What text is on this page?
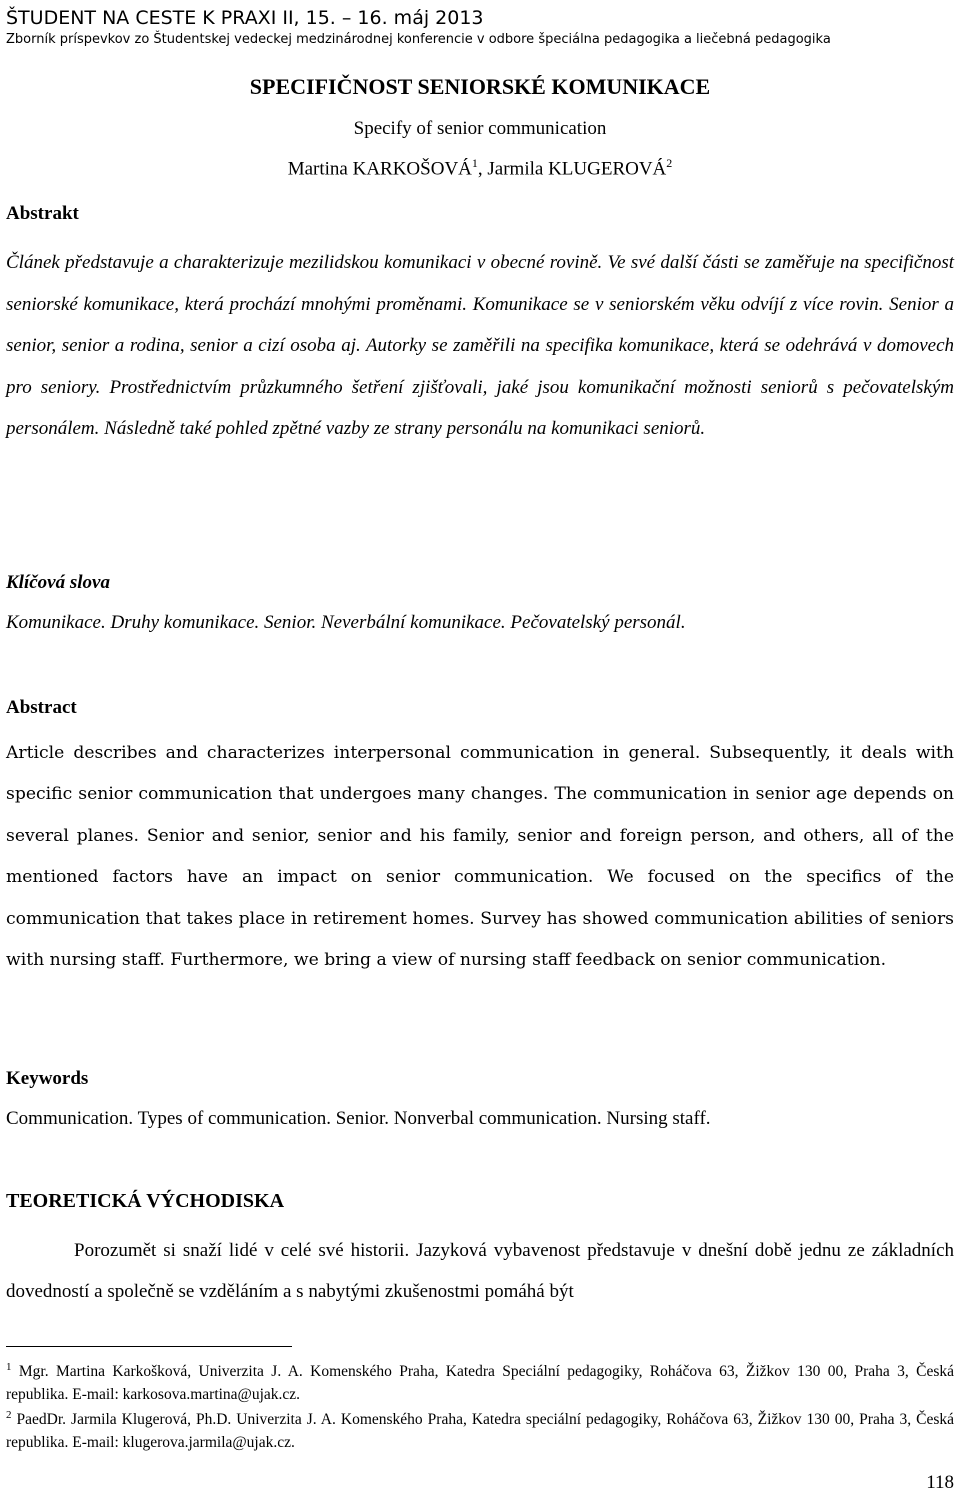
ŠTUDENT NA CESTE K PRAXI II, 15. – 16. máj 2013
Zborník príspevkov zo Študentskej vedeckej medzinárodnej konferencie v odbore špeciálna pedagogika a liečebná pedagogika
SPECIFIČNOST SENIORSKÉ KOMUNIKACE
Specify of senior communication
Martina KARKOŠOVÁ$^1$, Jarmila KLUGEROVÁ$^2$
Abstrakt
Článek představuje a charakterizuje mezilidskou komunikaci v obecné rovině. Ve své další části se zaměřuje na specifičnost seniorské komunikace, která prochází mnohými proměnami. Komunikace se v seniorském věku odvíjí z více rovin. Senior a senior, senior a rodina, senior a cizí osoba aj. Autorky se zaměřili na specifika komunikace, která se odehrává v domovech pro seniory. Prostřednictvím průzkumného šetření zjišťovali, jaké jsou komunikační možnosti seniorů s pečovatelským personálem. Následně také pohled zpětné vazby ze strany personálu na komunikaci seniorů.
Klíčová slova
Komunikace. Druhy komunikace. Senior. Neverbální komunikace. Pečovatelský personál.
Abstract
Article describes and characterizes interpersonal communication in general. Subsequently, it deals with specific senior communication that undergoes many changes. The communication in senior age depends on several planes. Senior and senior, senior and his family, senior and foreign person, and others, all of the mentioned factors have an impact on senior communication. We focused on the specifics of the communication that takes place in retirement homes. Survey has showed communication abilities of seniors with nursing staff. Furthermore, we bring a view of nursing staff feedback on senior communication.
Keywords
Communication. Types of communication. Senior. Nonverbal communication. Nursing staff.
TEORETICKÁ VÝCHODISKA
Porozumět si snaží lidé v celé své historii. Jazyková vybavenost představuje v dnešní době jednu ze základních dovedností a společně se vzděláním a s nabytými zkušenostmi pomáhá být
$^1$ Mgr. Martina Karkošková, Univerzita J. A. Komenského Praha, Katedra Speciální pedagogiky, Roháčova 63, Žižkov 130 00, Praha 3, Česká republika. E-mail: karkosova.martina@ujak.cz.
$^2$ PaedDr. Jarmila Klugerová, Ph.D. Univerzita J. A. Komenského Praha, Katedra speciální pedagogiky, Roháčova 63, Žižkov 130 00, Praha 3, Česká republika. E-mail: klugerova.jarmila@ujak.cz.
118
